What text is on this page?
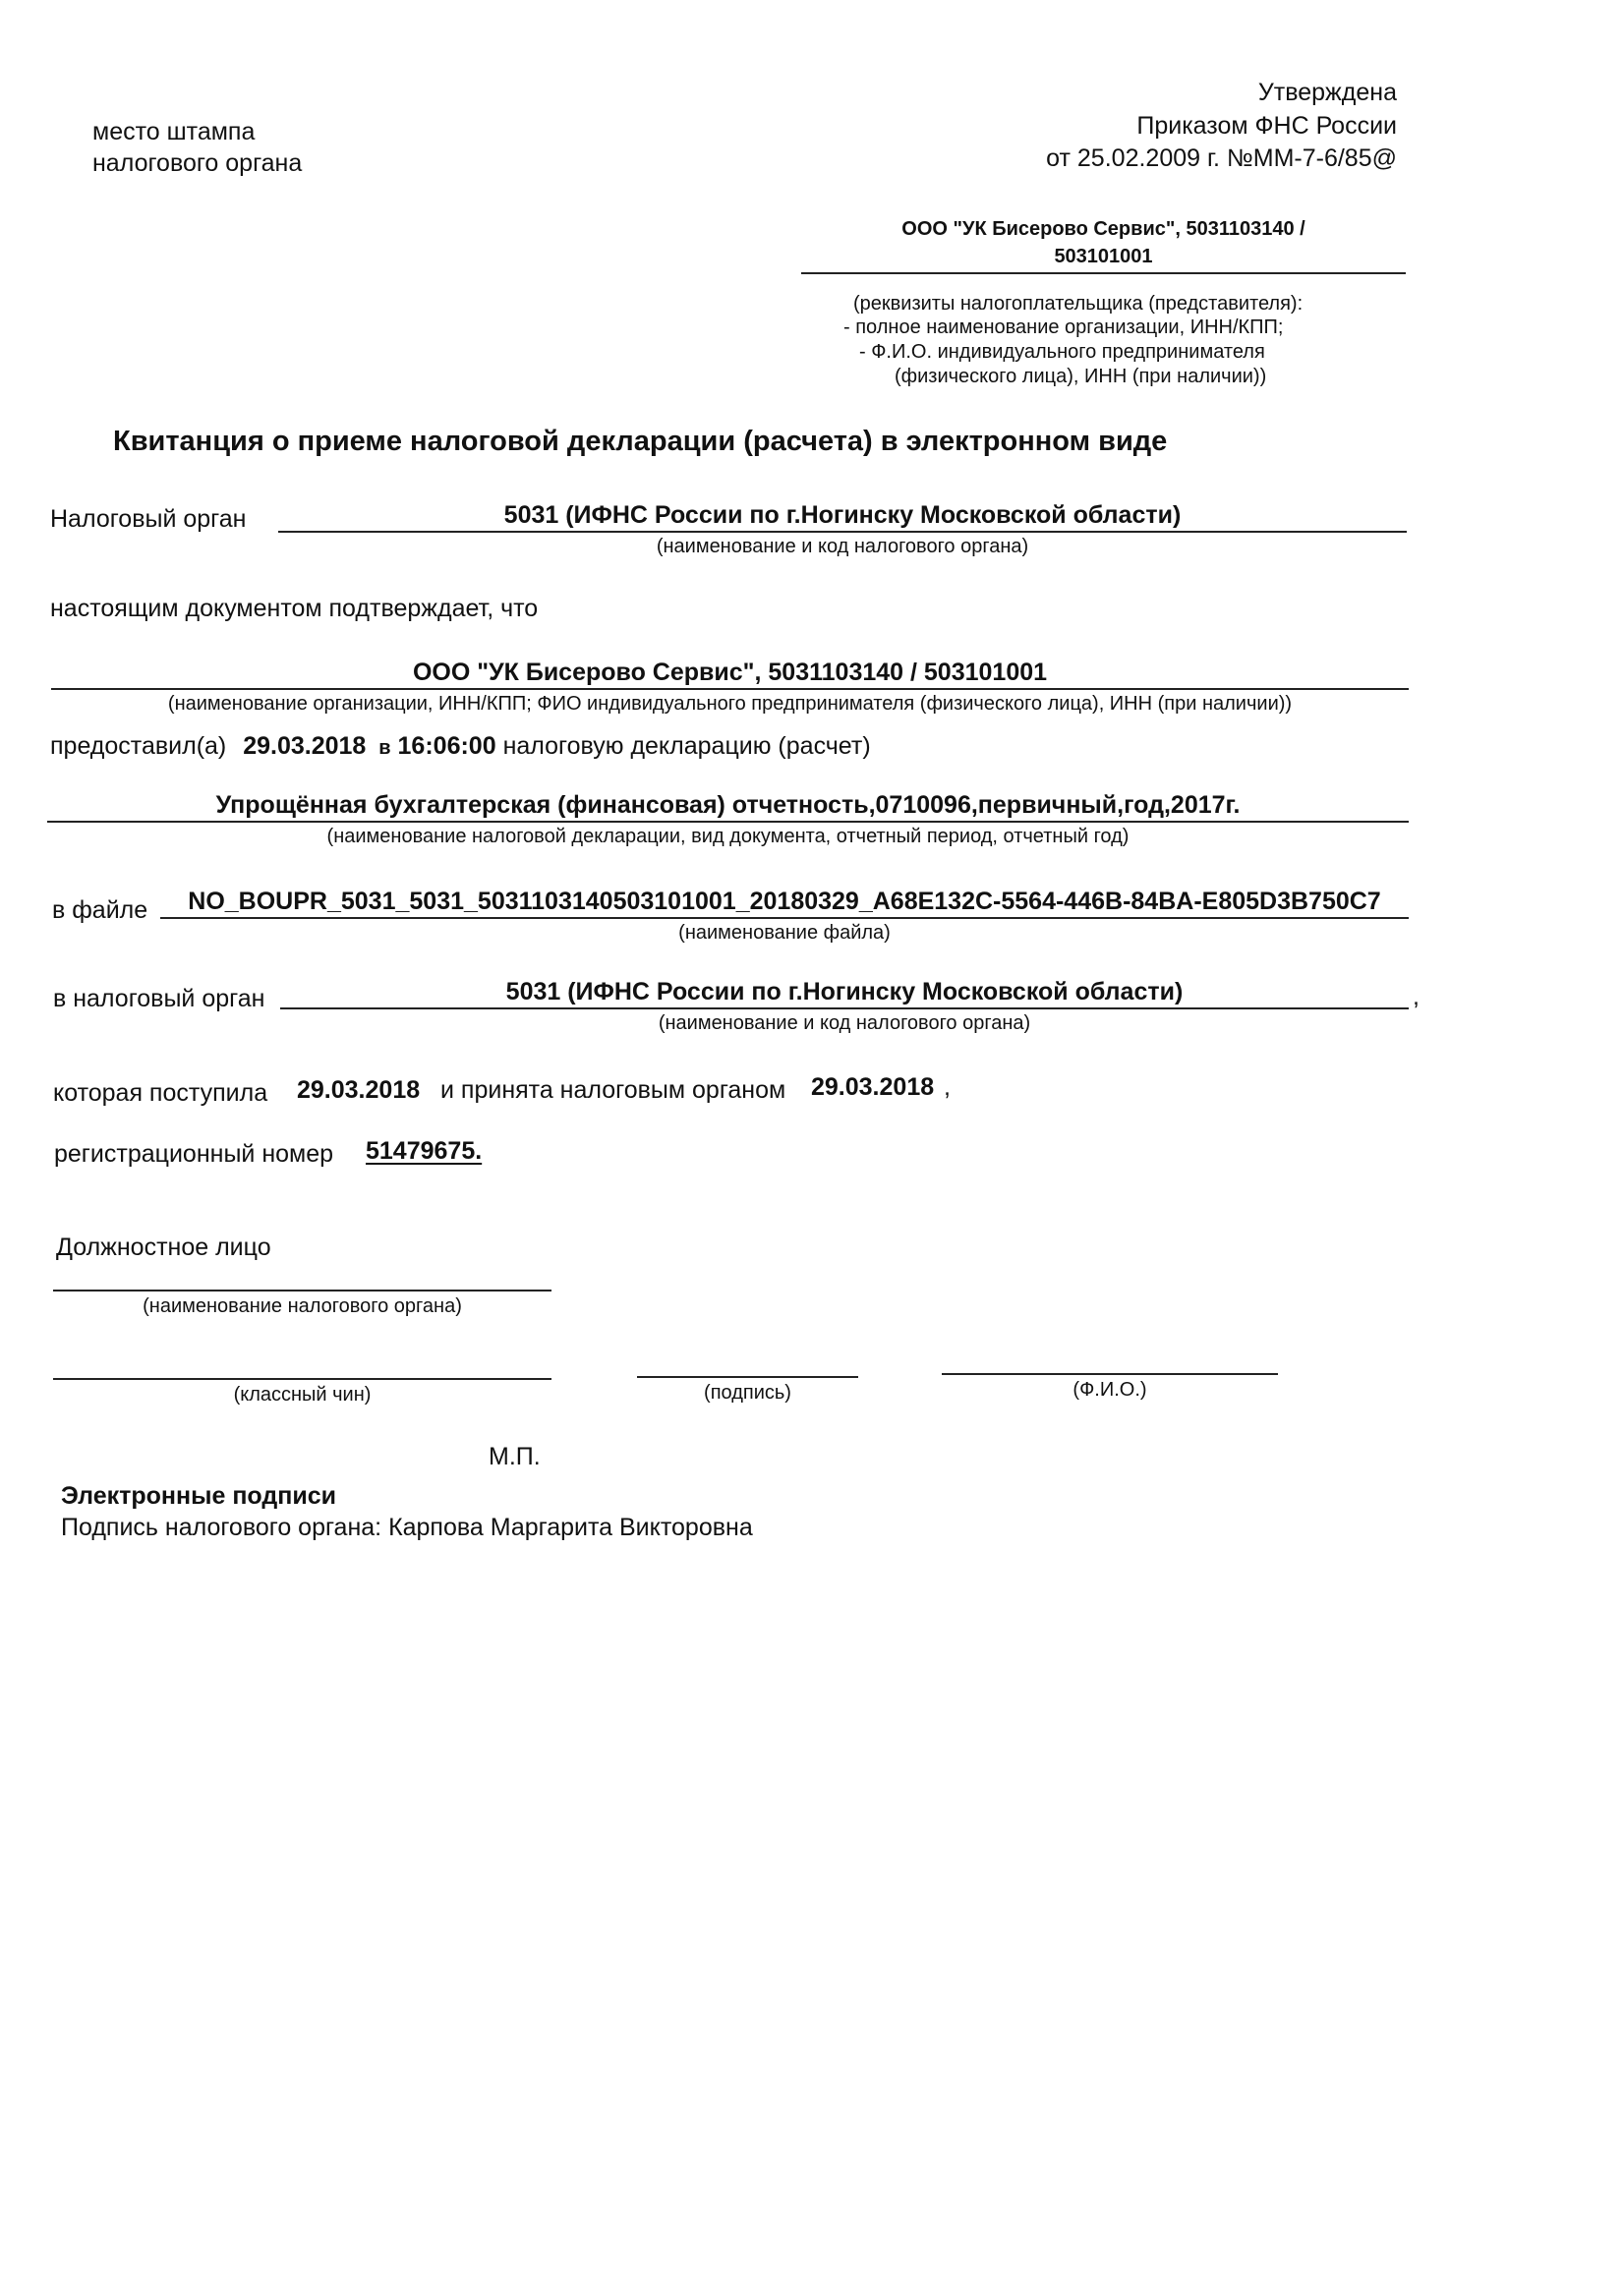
место штампа
налогового органа
Утверждена
Приказом ФНС России
от 25.02.2009 г. №ММ-7-6/85@
ООО "УК Бисерово Сервис", 5031103140 /
503101001
(реквизиты налогоплательщика (представителя):
- полное наименование организации, ИНН/КПП;
- Ф.И.О. индивидуального предпринимателя
(физического лица), ИНН (при наличии))
Квитанция о приеме налоговой декларации (расчета) в электронном виде
Налоговый орган	5031 (ИФНС России по г.Ногинску Московской области)
(наименование и код налогового органа)
настоящим документом подтверждает, что
ООО "УК Бисерово Сервис", 5031103140 / 503101001
(наименование организации, ИНН/КПП; ФИО индивидуального предпринимателя (физического лица), ИНН (при наличии))
предоставил(а) 29.03.2018 в 16:06:00 налоговую декларацию (расчет)
Упрощённая бухгалтерская (финансовая) отчетность,0710096,первичный,год,2017г.
(наименование налоговой декларации, вид документа, отчетный период, отчетный год)
в файле	NO_BOUPR_5031_5031_5031103140503101001_20180329_A68E132C-5564-446B-84BA-E805D3B750C7
(наименование файла)
в налоговый орган	5031 (ИФНС России по г.Ногинску Московской области)	,
(наименование и код налогового органа)
которая поступила 29.03.2018 и принята налоговым органом 29.03.2018 ,
регистрационный номер 51479675.
Должностное лицо
(наименование налогового органа)
(классный чин)	(подпись)	(Ф.И.О.)
М.П.
Электронные подписи
Подпись налогового органа: Карпова Маргарита Викторовна
